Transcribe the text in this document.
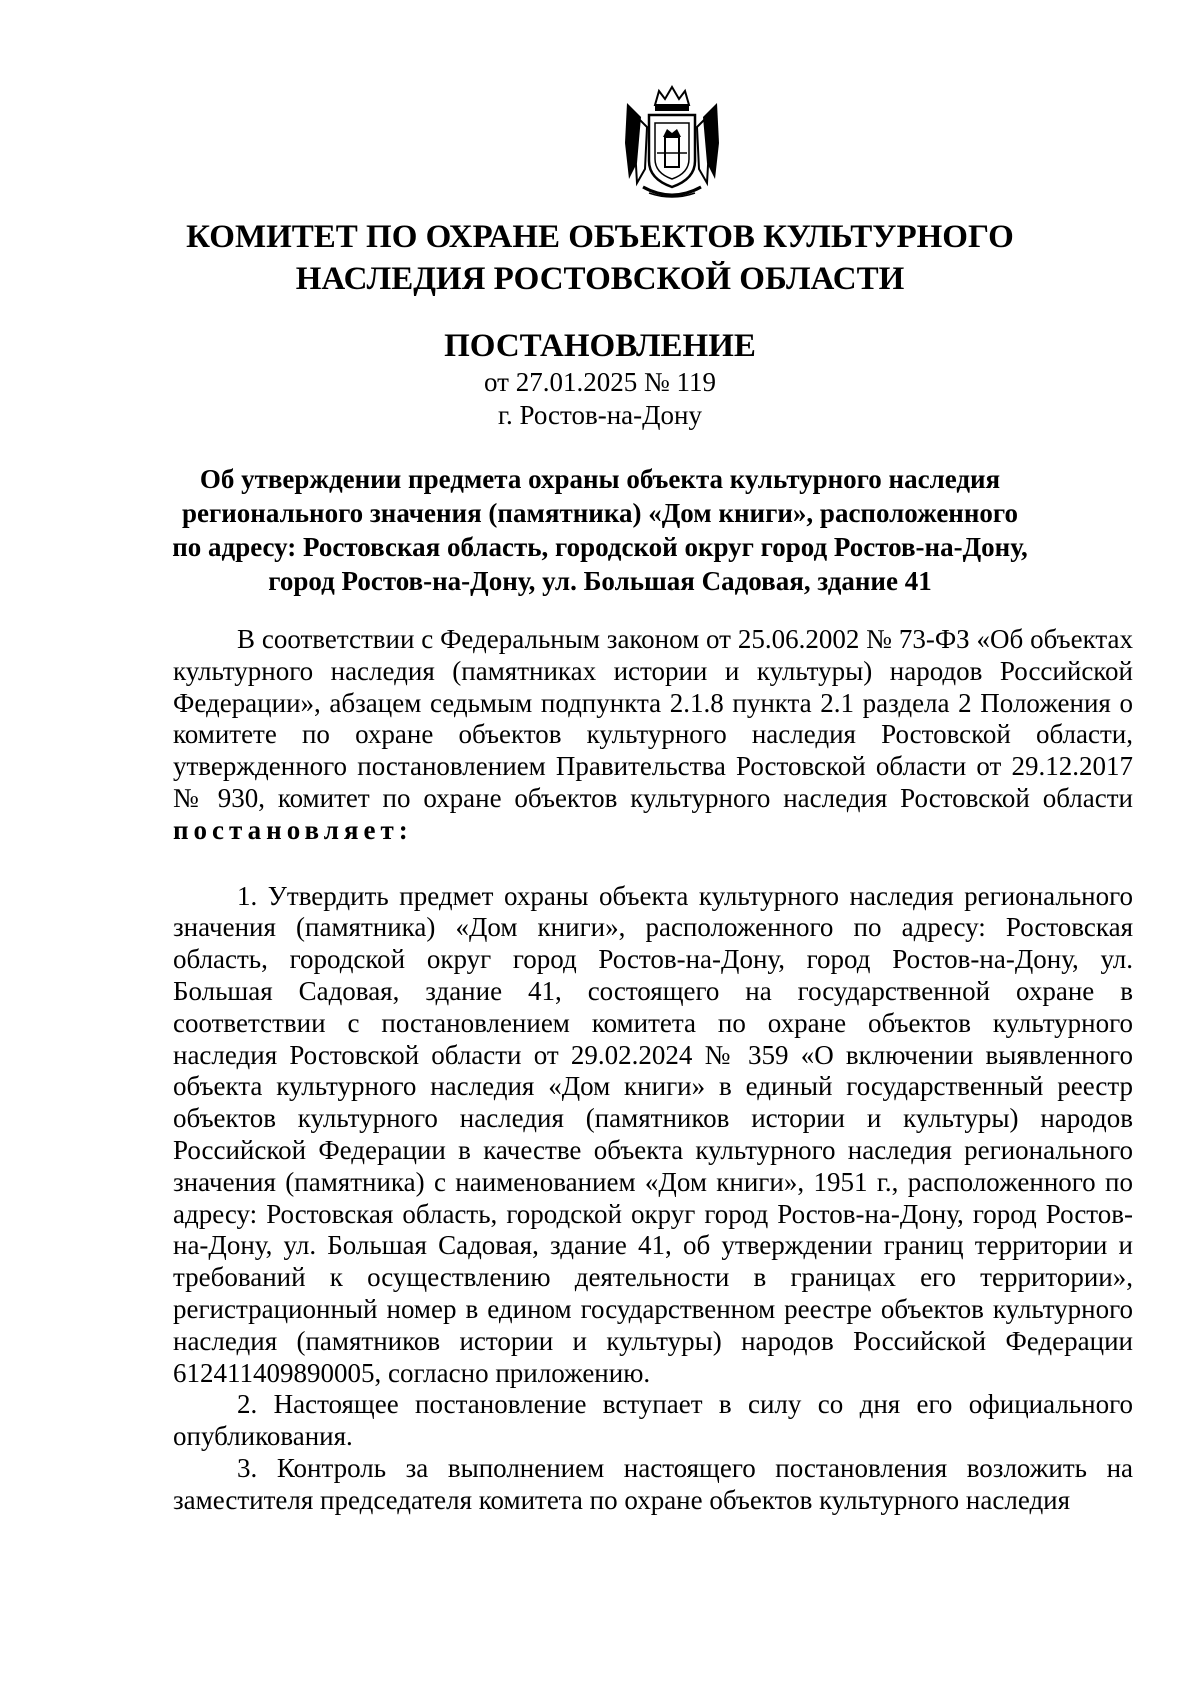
КОМИТЕТ ПО ОХРАНЕ ОБЪЕКТОВ КУЛЬТУРНОГО
НАСЛЕДИЯ РОСТОВСКОЙ ОБЛАСТИ
ПОСТАНОВЛЕНИЕ
от 27.01.2025 № 119
г. Ростов-на-Дону
Об утверждении предмета охраны объекта культурного наследия
регионального значения (памятника) «Дом книги», расположенного
по адресу: Ростовская область, городской округ город Ростов-на-Дону,
город Ростов-на-Дону, ул. Большая Садовая, здание 41

В соответствии с Федеральным законом от 25.06.2002 № 73-ФЗ «Об объектах культурного наследия (памятниках истории и культуры) народов Российской Федерации», абзацем седьмым подпункта 2.1.8 пункта 2.1 раздела 2 Положения о комитете по охране объектов культурного наследия Ростовской области, утвержденного постановлением Правительства Ростовской области от 29.12.2017 № 930, комитет по охране объектов культурного наследия Ростовской области постановляет:

1. Утвердить предмет охраны объекта культурного наследия регионального значения (памятника) «Дом книги», расположенного по адресу: Ростовская область, городской округ город Ростов-на-Дону, город Ростов-на-Дону, ул. Большая Садовая, здание 41, состоящего на государственной охране в соответствии с постановлением комитета по охране объектов культурного наследия Ростовской области от 29.02.2024 № 359 «О включении выявленного объекта культурного наследия «Дом книги» в единый государственный реестр объектов культурного наследия (памятников истории и культуры) народов Российской Федерации в качестве объекта культурного наследия регионального значения (памятника) с наименованием «Дом книги», 1951 г., расположенного по адресу: Ростовская область, городской округ город Ростов-на-Дону, город Ростов-на-Дону, ул. Большая Садовая, здание 41, об утверждении границ территории и требований к осуществлению деятельности в границах его территории», регистрационный номер в едином государственном реестре объектов культурного наследия (памятников истории и культуры) народов Российской Федерации 612411409890005, согласно приложению.

2. Настоящее постановление вступает в силу со дня его официального опубликования.

3. Контроль за выполнением настоящего постановления возложить на заместителя председателя комитета по охране объектов культурного наследия
